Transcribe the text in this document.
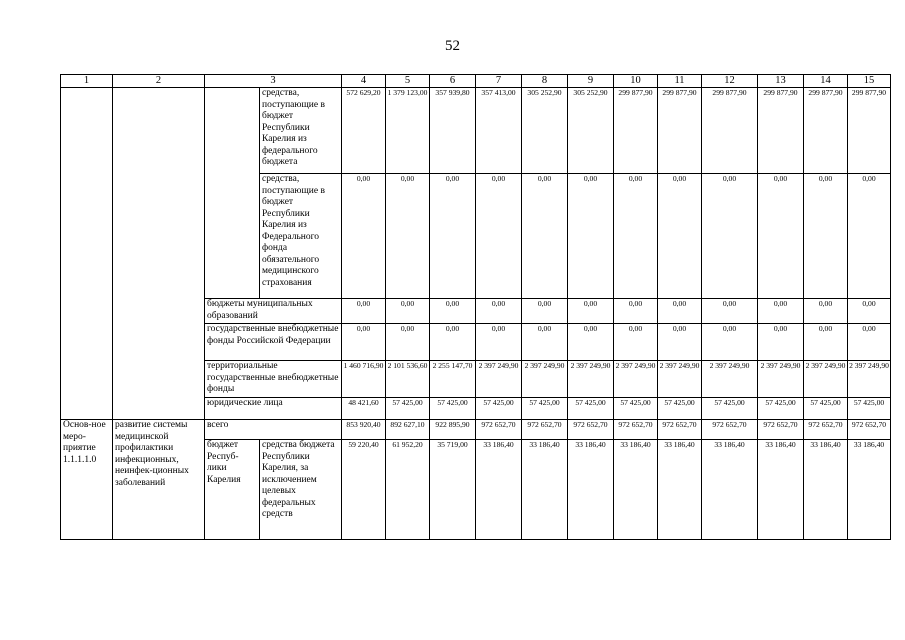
52
1	2	3		4	5	6	7	8	9	10	11	12	13	14	15
			средства, поступающие в бюджет Республики Карелия из федерального бюджета	572 629,20	1 379 123,00	357 939,80	357 413,00	305 252,90	305 252,90	299 877,90	299 877,90	299 877,90	299 877,90	299 877,90	299 877,90
			средства, поступающие в бюджет Республики Карелия из Федерального фонда обязательного медицинского страхования	0,00	0,00	0,00	0,00	0,00	0,00	0,00	0,00	0,00	0,00	0,00	0,00
		бюджеты муниципальных образований		0,00	0,00	0,00	0,00	0,00	0,00	0,00	0,00	0,00	0,00	0,00	0,00
		государственные внебюджетные фонды Российской Федерации		0,00	0,00	0,00	0,00	0,00	0,00	0,00	0,00	0,00	0,00	0,00	0,00
		территориальные государственные внебюджетные фонды		1 460 716,90	2 101 536,60	2 255 147,70	2 397 249,90	2 397 249,90	2 397 249,90	2 397 249,90	2 397 249,90	2 397 249,90	2 397 249,90	2 397 249,90	2 397 249,90
		юридические лица		48 421,60	57 425,00	57 425,00	57 425,00	57 425,00	57 425,00	57 425,00	57 425,00	57 425,00	57 425,00	57 425,00	57 425,00
Основ-ное меро-приятие 1.1.1.1.0	развитие системы медицинской профилактики инфекционных, неинфек-ционных заболеваний	всего		853 920,40	892 627,10	922 895,90	972 652,70	972 652,70	972 652,70	972 652,70	972 652,70	972 652,70	972 652,70	972 652,70	972 652,70
		бюджет Респуб-лики Карелия	средства бюджета Республики Карелия, за исключением целевых федеральных средств	59 220,40	61 952,20	35 719,00	33 186,40	33 186,40	33 186,40	33 186,40	33 186,40	33 186,40	33 186,40	33 186,40	33 186,40
